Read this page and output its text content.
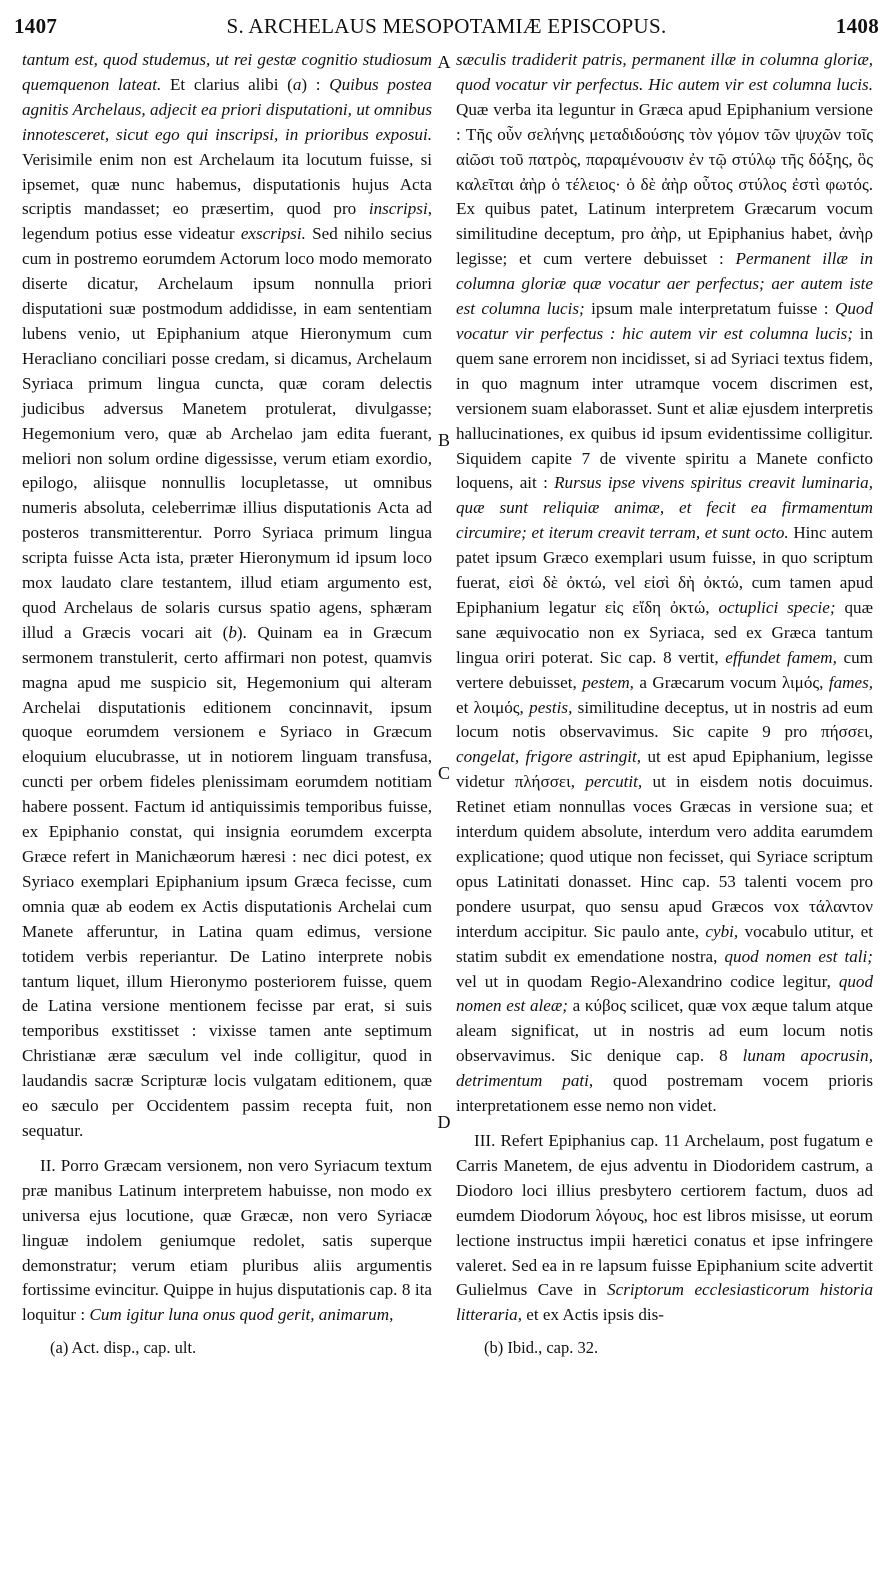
1407	S. ARCHELAUS MESOPOTAMIÆ EPISCOPUS.	1408

tantum est, quod studemus, ut rei gestæ cognitio studiosum quemquenon lateat. Et clarius alibi (a) : Quibus postea agnitis Archelaus, adjecit ea priori disputationi, ut omnibus innotesceret, sicut ego qui inscripsi, in prioribus exposui. Verisimile enim non est Archelaum ita locutum fuisse, si ipsemet, quæ nunc habemus, disputationis hujus Acta scriptis mandasset; eo præsertim, quod pro inscripsi, legendum potius esse videatur exscripsi. Sed nihilo secius cum in postremo eorumdem Actorum loco modo memorato diserte dicatur, Archelaum ipsum nonnulla priori disputationi suæ postmodum addidisse, in eam sententiam lubens venio, ut Epiphanium atque Hieronymum cum Heracliano conciliari posse credam, si dicamus, Archelaum Syriaca primum lingua cuncta, quæ coram delectis judicibus adversus Manetem protulerat, divulgasse; Hegemonium vero, quæ ab Archelao jam edita fuerant, meliori non solum ordine digessisse, verum etiam exordio, epilogo, aliisque nonnullis locupletasse, ut omnibus numeris absoluta, celeberrimæ illius disputationis Acta ad posteros transmitterentur. Porro Syriaca primum lingua scripta fuisse Acta ista, præter Hieronymum id ipsum loco mox laudato clare testantem, illud etiam argumento est, quod Archelaus de solaris cursus spatio agens, sphæram illud a Græcis vocari ait (b). Quinam ea in Græcum sermonem transtulerit, certo affirmari non potest, quamvis magna apud me suspicio sit, Hegemonium qui alteram Archelai disputationis editionem concinnavit, ipsum quoque eorumdem versionem e Syriaco in Græcum eloquium elucubrasse, ut in notiorem linguam transfusa, cuncti per orbem fideles plenissimam eorumdem notitiam habere possent. Factum id antiquissimis temporibus fuisse, ex Epiphanio constat, qui insignia eorumdem excerpta Græce refert in Manichæorum hæresi : nec dici potest, ex Syriaco exemplari Epiphanium ipsum Græca fecisse, cum omnia quæ ab eodem ex Actis disputationis Archelai cum Manete afferuntur, in Latina quam edimus, versione totidem verbis reperiantur. De Latino interprete nobis tantum liquet, illum Hieronymo posteriorem fuisse, quem de Latina versione mentionem fecisse par erat, si suis temporibus exstitisset : vixisse tamen ante septimum Christianæ æræ sæculum vel inde colligitur, quod in laudandis sacræ Scripturæ locis vulgatam editionem, quæ eo sæculo per Occidentem passim recepta fuit, non sequatur.

II. Porro Græcam versionem, non vero Syriacum textum præ manibus Latinum interpretem habuisse, non modo ex universa ejus locutione, quæ Græcæ, non vero Syriacæ linguæ indolem geniumque redolet, satis superque demonstratur; verum etiam pluribus aliis argumentis fortissime evincitur. Quippe in hujus disputationis cap. 8 ita loquitur : Cum igitur luna onus quod gerit, animarum,

(a) Act. disp., cap. ult.

A
B
C
D

sæculis tradiderit patris, permanent illæ in columna gloriæ, quod vocatur vir perfectus. Hic autem vir est columna lucis. Quæ verba ita leguntur in Græca apud Epiphanium versione : Τῆς οὖν σελήνης μεταδιδούσης τὸν γόμον τῶν ψυχῶν τοῖς αἰῶσι τοῦ πατρὸς, παραμένουσιν ἐν τῷ στύλῳ τῆς δόξης, ὃς καλεῖται ἀὴρ ὁ τέλειος· ὁ δὲ ἀὴρ οὗτος στύλος ἐστὶ φωτός. Ex quibus patet, Latinum interpretem Græcarum vocum similitudine deceptum, pro ἀὴρ, ut Epiphanius habet, ἀνὴρ legisse; et cum vertere debuisset : Permanent illæ in columna gloriæ quæ vocatur aer perfectus; aer autem iste est columna lucis; ipsum male interpretatum fuisse : Quod vocatur vir perfectus : hic autem vir est columna lucis; in quem sane errorem non incidisset, si ad Syriaci textus fidem, in quo magnum inter utramque vocem discrimen est, versionem suam elaborasset. Sunt et aliæ ejusdem interpretis hallucinationes, ex quibus id ipsum evidentissime colligitur. Siquidem capite 7 de vivente spiritu a Manete conficto loquens, ait : Rursus ipse vivens spiritus creavit luminaria, quæ sunt reliquiæ animæ, et fecit ea firmamentum circumire; et iterum creavit terram, et sunt octo. Hinc autem patet ipsum Græco exemplari usum fuisse, in quo scriptum fuerat, εἰσὶ δὲ ὀκτώ, vel εἰσὶ δὴ ὀκτώ, cum tamen apud Epiphanium legatur εἰς εἴδη ὀκτώ, octuplici specie; quæ sane æquivocatio non ex Syriaca, sed ex Græca tantum lingua oriri poterat. Sic cap. 8 vertit, effundet famem, cum vertere debuisset, pestem, a Græcarum vocum λιμός, fames, et λοιμός, pestis, similitudine deceptus, ut in nostris ad eum locum notis observavimus. Sic capite 9 pro πήσσει, congelat, frigore astringit, ut est apud Epiphanium, legisse videtur πλήσσει, percutit, ut in eisdem notis docuimus. Retinet etiam nonnullas voces Græcas in versione sua; et interdum quidem absolute, interdum vero addita earumdem explicatione; quod utique non fecisset, qui Syriace scriptum opus Latinitati donasset. Hinc cap. 53 talenti vocem pro pondere usurpat, quo sensu apud Græcos vox τάλαντον interdum accipitur. Sic paulo ante, cybi, vocabulo utitur, et statim subdit ex emendatione nostra, quod nomen est tali; vel ut in quodam Regio-Alexandrino codice legitur, quod nomen est aleæ; a κύβος scilicet, quæ vox æque talum atque aleam significat, ut in nostris ad eum locum notis observavimus. Sic denique cap. 8 lunam apocrusin, detrimentum pati, quod postremam vocem prioris interpretationem esse nemo non videt.

III. Refert Epiphanius cap. 11 Archelaum, post fugatum e Carris Manetem, de ejus adventu in Diodoridem castrum, a Diodoro loci illius presbytero certiorem factum, duos ad eumdem Diodorum λόγους, hoc est libros misisse, ut eorum lectione instructus impii hæretici conatus et ipse infringere valeret. Sed ea in re lapsum fuisse Epiphanium scite advertit Gulielmus Cave in Scriptorum ecclesiasticorum historia litteraria, et ex Actis ipsis dis-

(b) Ibid., cap. 32.
